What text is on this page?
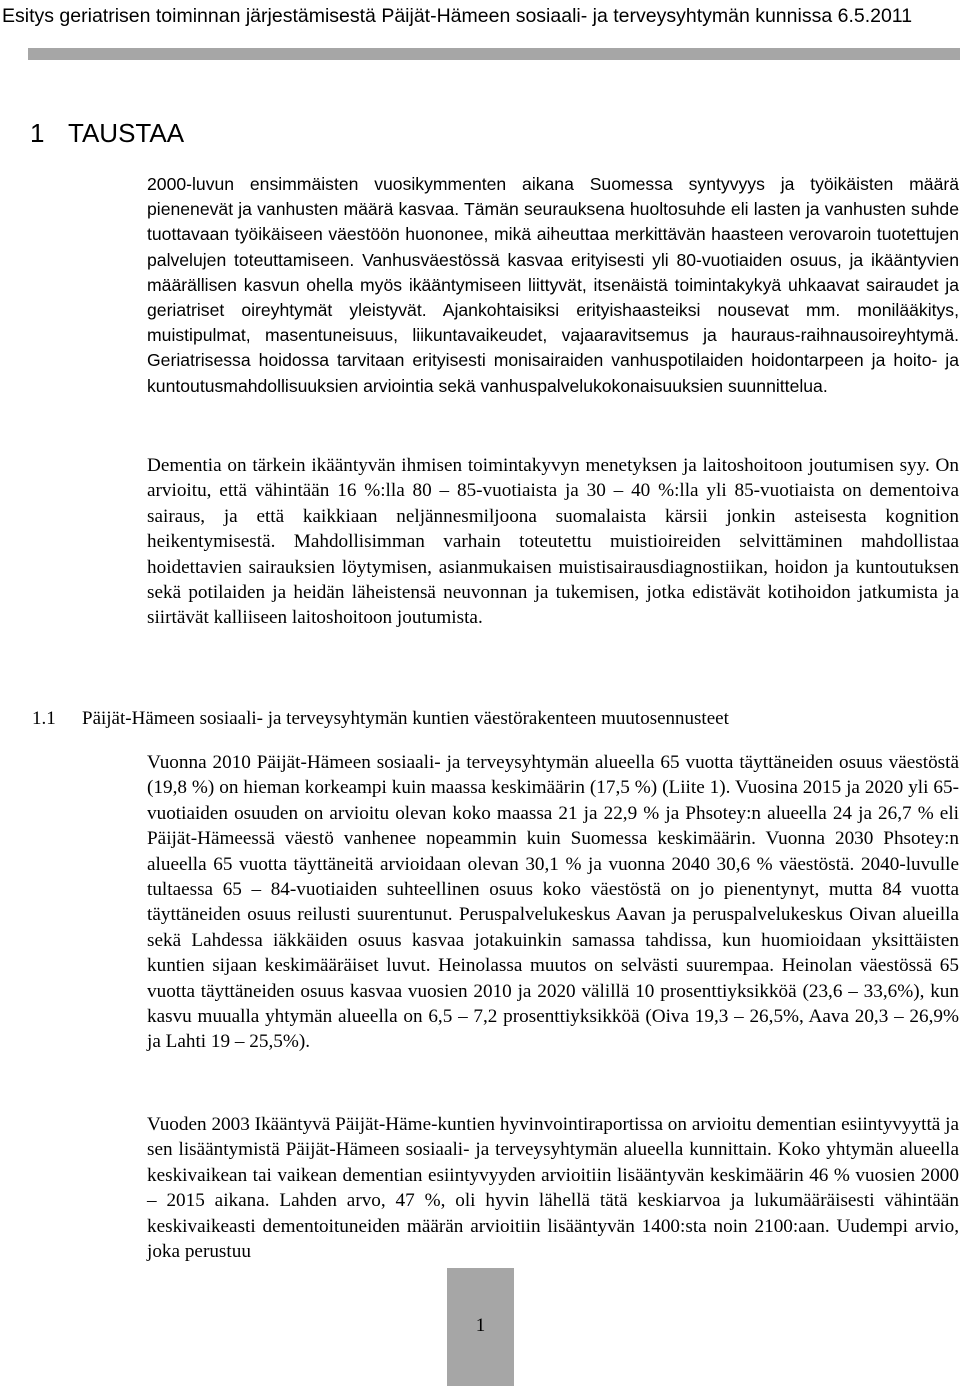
Esitys geriatrisen toiminnan järjestämisestä Päijät-Hämeen sosiaali- ja terveysyhtymän kunnissa 6.5.2011
1 TAUSTAA

2000-luvun ensimmäisten vuosikymmenten aikana Suomessa syntyvyys ja työikäisten määrä pienenevät ja vanhusten määrä kasvaa. Tämän seurauksena huoltosuhde eli lasten ja vanhusten suhde tuottavaan työikäiseen väestöön huononee, mikä aiheuttaa merkittävän haasteen verovaroin tuotettujen palvelujen toteuttamiseen. Vanhusväestössä kasvaa erityisesti yli 80-vuotiaiden osuus, ja ikääntyvien määrällisen kasvun ohella myös ikääntymiseen liittyvät, itsenäistä toimintakykyä uhkaavat sairaudet ja geriatriset oireyhtymät yleistyvät. Ajankohtaisiksi erityishaasteiksi nousevat mm. monilääkitys, muistipulmat, masentuneisuus, liikuntavaikeudet, vajaaravitsemus ja hauraus-raihnausoireyhtymä. Geriatrisessa hoidossa tarvitaan erityisesti monisairaiden vanhuspotilaiden hoidontarpeen ja hoito- ja kuntoutusmahdollisuuksien arviointia sekä vanhuspalvelukokonaisuuksien suunnittelua.

Dementia on tärkein ikääntyvän ihmisen toimintakyvyn menetyksen ja laitoshoitoon joutumisen syy. On arvioitu, että vähintään 16 %:lla 80 – 85-vuotiaista ja 30 – 40 %:lla yli 85-vuotiaista on dementoiva sairaus, ja että kaikkiaan neljännesmiljoona suomalaista kärsii jonkin asteisesta kognition heikentymisestä. Mahdollisimman varhain toteutettu muistioireiden selvittäminen mahdollistaa hoidettavien sairauksien löytymisen, asianmukaisen muistisairausdiagnostiikan, hoidon ja kuntoutuksen sekä potilaiden ja heidän läheistensä neuvonnan ja tukemisen, jotka edistävät kotihoidon jatkumista ja siirtävät kalliiseen laitoshoitoon joutumista.

1.1 Päijät-Hämeen sosiaali- ja terveysyhtymän kuntien väestörakenteen muutosennusteet

Vuonna 2010 Päijät-Hämeen sosiaali- ja terveysyhtymän alueella 65 vuotta täyttäneiden osuus väestöstä (19,8 %) on hieman korkeampi kuin maassa keskimäärin (17,5 %) (Liite 1). Vuosina 2015 ja 2020 yli 65-vuotiaiden osuuden on arvioitu olevan koko maassa 21 ja 22,9 % ja Phsotey:n alueella 24 ja 26,7 % eli Päijät-Hämeessä väestö vanhenee nopeammin kuin Suomessa keskimäärin. Vuonna 2030 Phsotey:n alueella 65 vuotta täyttäneitä arvioidaan olevan 30,1 % ja vuonna 2040 30,6 % väestöstä. 2040-luvulle tultaessa 65 – 84-vuotiaiden suhteellinen osuus koko väestöstä on jo pienentynyt, mutta 84 vuotta täyttäneiden osuus reilusti suurentunut. Peruspalvelukeskus Aavan ja peruspalvelukeskus Oivan alueilla sekä Lahdessa iäkkäiden osuus kasvaa jotakuinkin samassa tahdissa, kun huomioidaan yksittäisten kuntien sijaan keskimääräiset luvut. Heinolassa muutos on selvästi suurempaa. Heinolan väestössä 65 vuotta täyttäneiden osuus kasvaa vuosien 2010 ja 2020 välillä 10 prosenttiyksikköä (23,6 – 33,6%), kun kasvu muualla yhtymän alueella on 6,5 – 7,2 prosenttiyksikköä (Oiva 19,3 – 26,5%, Aava 20,3 – 26,9% ja Lahti 19 – 25,5%).

Vuoden 2003 Ikääntyvä Päijät-Häme-kuntien hyvinvointiraportissa on arvioitu dementian esiintyvyyttä ja sen lisääntymistä Päijät-Hämeen sosiaali- ja terveysyhtymän alueella kunnittain. Koko yhtymän alueella keskivaikean tai vaikean dementian esiintyvyyden arvioitiin lisääntyvän keskimäärin 46 % vuosien 2000 – 2015 aikana. Lahden arvo, 47 %, oli hyvin lähellä tätä keskiarvoa ja lukumääräisesti vähintään keskivaikeasti dementoituneiden määrän arvioitiin lisääntyvän 1400:sta noin 2100:aan. Uudempi arvio, joka perustuu

1
